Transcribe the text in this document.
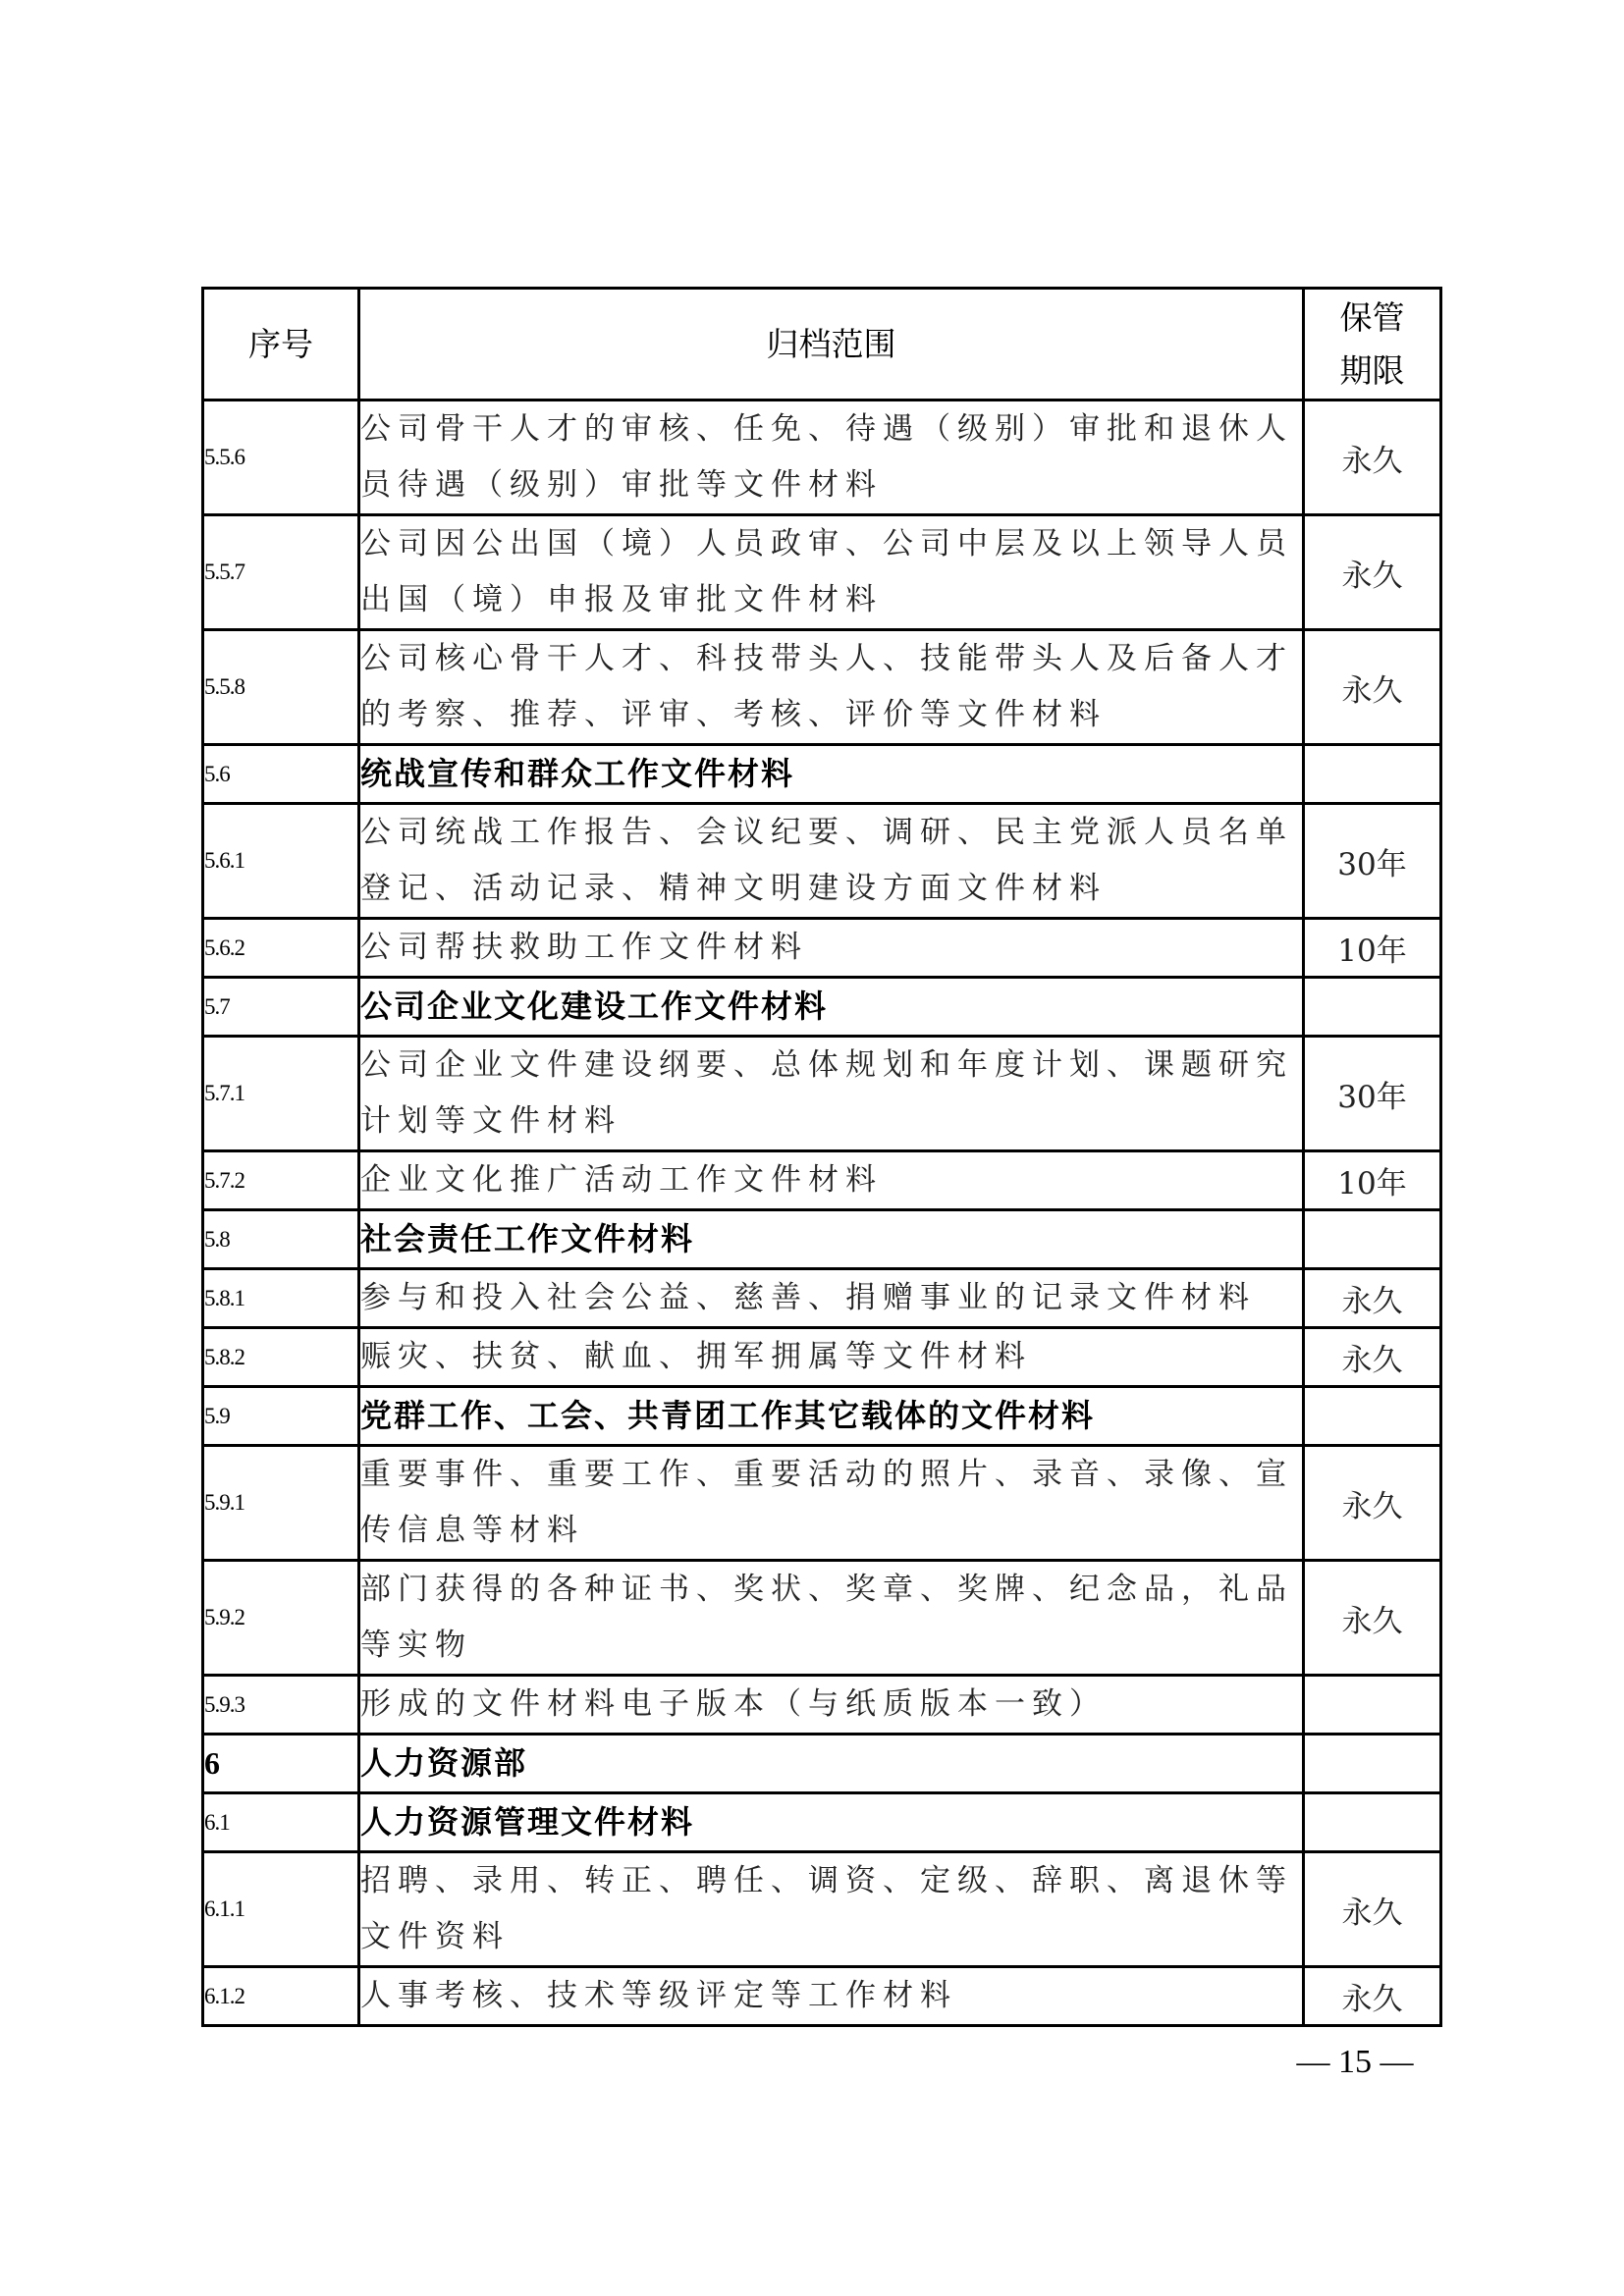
序号	归档范围	保管期限
5.5.6	公司骨干人才的审核、任免、待遇（级别）审批和退休人员待遇（级别）审批等文件材料	永久
5.5.7	公司因公出国（境）人员政审、公司中层及以上领导人员出国（境）申报及审批文件材料	永久
5.5.8	公司核心骨干人才、科技带头人、技能带头人及后备人才的考察、推荐、评审、考核、评价等文件材料	永久
5.6	统战宣传和群众工作文件材料	
5.6.1	公司统战工作报告、会议纪要、调研、民主党派人员名单登记、活动记录、精神文明建设方面文件材料	30年
5.6.2	公司帮扶救助工作文件材料	10年
5.7	公司企业文化建设工作文件材料	
5.7.1	公司企业文件建设纲要、总体规划和年度计划、课题研究计划等文件材料	30年
5.7.2	企业文化推广活动工作文件材料	10年
5.8	社会责任工作文件材料	
5.8.1	参与和投入社会公益、慈善、捐赠事业的记录文件材料	永久
5.8.2	赈灾、扶贫、献血、拥军拥属等文件材料	永久
5.9	党群工作、工会、共青团工作其它载体的文件材料	
5.9.1	重要事件、重要工作、重要活动的照片、录音、录像、宣传信息等材料	永久
5.9.2	部门获得的各种证书、奖状、奖章、奖牌、纪念品，礼品等实物	永久
5.9.3	形成的文件材料电子版本（与纸质版本一致）	
6	人力资源部	
6.1	人力资源管理文件材料	
6.1.1	招聘、录用、转正、聘任、调资、定级、辞职、离退休等文件资料	永久
6.1.2	人事考核、技术等级评定等工作材料	永久
— 15 —
